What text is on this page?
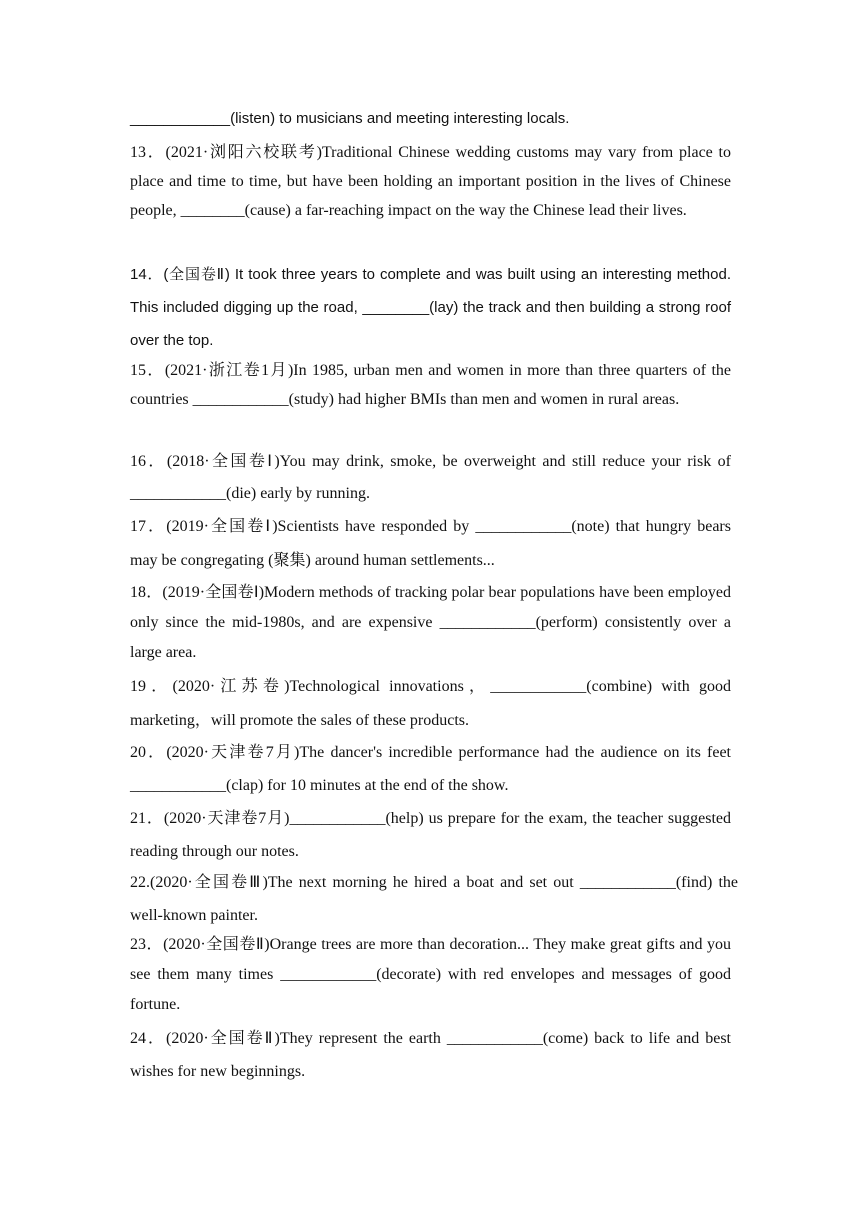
____________(listen) to musicians and meeting interesting locals.

13．(2021·浏阳六校联考)Traditional Chinese wedding customs may vary from place to place and time to time, but have been holding an important position in the lives of Chinese people, ________(cause) a far-reaching impact on the way the Chinese lead their lives.

14．(全国卷Ⅱ) It took three years to complete and was built using an interesting method. This included digging up the road, ________(lay) the track and then building a strong roof over the top.

15．(2021·浙江卷1月)In 1985, urban men and women in more than three quarters of the countries ____________(study) had higher BMIs than men and women in rural areas.

16．(2018·全国卷Ⅰ)You may drink, smoke, be overweight and still reduce your risk of ____________(die) early by running.

17．(2019·全国卷Ⅰ)Scientists have responded by ____________(note) that hungry bears may be congregating (聚集) around human settlements...

18．(2019·全国卷Ⅰ)Modern methods of tracking polar bear populations have been employed only since the mid-1980s, and are expensive ____________(perform) consistently over a large area.

19．(2020·江苏卷)Technological innovations，____________(combine) with good marketing，will promote the sales of these products.

20．(2020·天津卷7月)The dancer's incredible performance had the audience on its feet ____________(clap) for 10 minutes at the end of the show.

21．(2020·天津卷7月)____________(help) us prepare for the exam, the teacher suggested reading through our notes.

22.(2020·全国卷Ⅲ)The next morning he hired a boat and set out ____________(find) the well-known painter.

23．(2020·全国卷Ⅱ)Orange trees are more than decoration... They make great gifts and you see them many times ____________(decorate) with red envelopes and messages of good fortune.

24．(2020·全国卷Ⅱ)They represent the earth ____________(come) back to life and best wishes for new beginnings.
